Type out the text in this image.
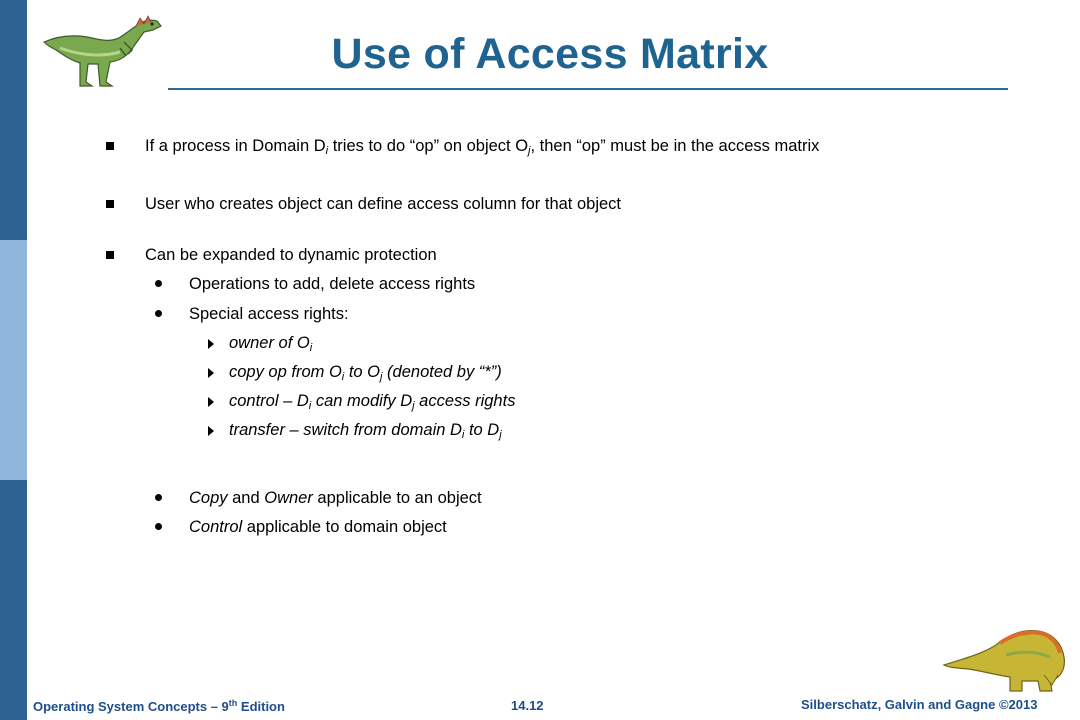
Use of Access Matrix
If a process in Domain $D_i$ tries to do “op” on object $O_j$, then “op” must be in the access matrix
User who creates object can define access column for that object
Can be expanded to dynamic protection
Operations to add, delete access rights
Special access rights:
owner of $O_i$
copy op from $O_i$ to $O_j$ (denoted by “*”)
control – $D_i$ can modify $D_j$ access rights
transfer – switch from domain $D_i$ to $D_j$
Copy and Owner applicable to an object
Control applicable to domain object
Operating System Concepts – 9th Edition	14.12	Silberschatz, Galvin and Gagne ©2013
